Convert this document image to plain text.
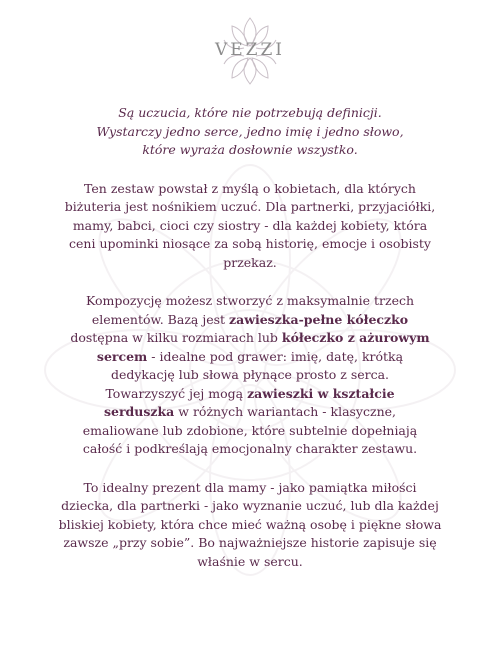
VEZZI

Są uczucia, które nie potrzebują definicji.
Wystarczy jedno serce, jedno imię i jedno słowo,
które wyraża dosłownie wszystko.

Ten zestaw powstał z myślą o kobietach, dla których
biżuteria jest nośnikiem uczuć. Dla partnerki, przyjaciółki,
mamy, babci, cioci czy siostry - dla każdej kobiety, która
ceni upominki niosące za sobą historię, emocje i osobisty
przekaz.

Kompozycję możesz stworzyć z maksymalnie trzech
elementów. Bazą jest zawieszka-pełne kółeczko
dostępna w kilku rozmiarach lub kółeczko z ażurowym
sercem - idealne pod grawer: imię, datę, krótką
dedykację lub słowa płynące prosto z serca.
Towarzyszyć jej mogą zawieszki w kształcie
serduszka w różnych wariantach - klasyczne,
emaliowane lub zdobione, które subtelnie dopełniają
całość i podkreślają emocjonalny charakter zestawu.

To idealny prezent dla mamy - jako pamiątka miłości
dziecka, dla partnerki - jako wyznanie uczuć, lub dla każdej
bliskiej kobiety, która chce mieć ważną osobę i piękne słowa
zawsze „przy sobie”. Bo najważniejsze historie zapisuje się
właśnie w sercu.
